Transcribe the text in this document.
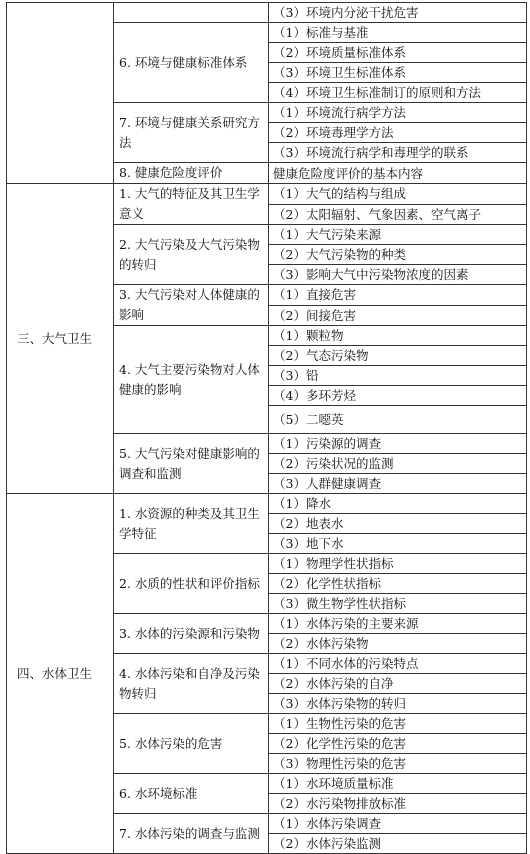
		（3）环境内分泌干扰危害
	6. 环境与健康标准体系	（1）标准与基准
		（2）环境质量标准体系
		（3）环境卫生标准体系
		（4）环境卫生标准制订的原则和方法
	7. 环境与健康关系研究方法	（1）环境流行病学方法
		（2）环境毒理学方法
		（3）环境流行病学和毒理学的联系
	8. 健康危险度评价	健康危险度评价的基本内容
三、大气卫生	1. 大气的特征及其卫生学意义	（1）大气的结构与组成
		（2）太阳辐射、气象因素、空气离子
	2. 大气污染及大气污染物的转归	（1）大气污染来源
		（2）大气污染物的种类
		（3）影响大气中污染物浓度的因素
	3. 大气污染对人体健康的影响	（1）直接危害
		（2）间接危害
	4. 大气主要污染物对人体健康的影响	（1）颗粒物
		（2）气态污染物
		（3）铅
		（4）多环芳烃
		（5）二噁英
	5. 大气污染对健康影响的调查和监测	（1）污染源的调查
		（2）污染状况的监测
		（3）人群健康调查
四、水体卫生	1. 水资源的种类及其卫生学特征	（1）降水
		（2）地表水
		（3）地下水
	2. 水质的性状和评价指标	（1）物理学性状指标
		（2）化学性状指标
		（3）微生物学性状指标
	3. 水体的污染源和污染物	（1）水体污染的主要来源
		（2）水体污染物
	4. 水体污染和自净及污染物转归	（1）不同水体的污染特点
		（2）水体污染的自净
		（3）水体污染物的转归
	5. 水体污染的危害	（1）生物性污染的危害
		（2）化学性污染的危害
		（3）物理性污染的危害
	6. 水环境标准	（1）水环境质量标准
		（2）水污染物排放标准
	7. 水体污染的调查与监测	（1）水体污染调查
		（2）水体污染监测
